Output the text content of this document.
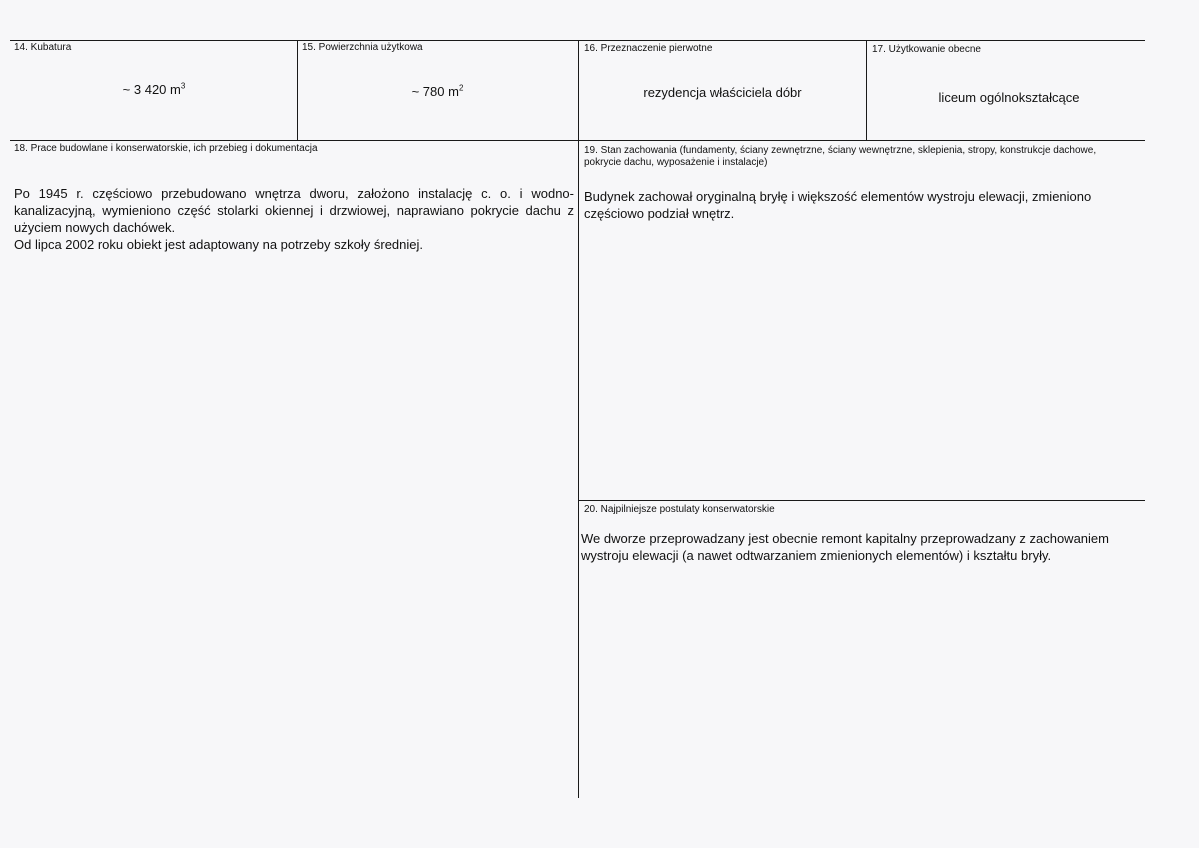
14. Kubatura
~ 3 420 $m^3$
15. Powierzchnia użytkowa
~ 780 $m^2$
16. Przeznaczenie pierwotne
rezydencja właściciela dóbr
17. Użytkowanie obecne
liceum ogólnokształcące
18. Prace budowlane i konserwatorskie, ich przebieg i dokumentacja
Po 1945 r. częściowo przebudowano wnętrza dworu, założono instalację c. o. i wodno-kanalizacyjną, wymieniono część stolarki okiennej i drzwiowej, naprawiano pokrycie dachu z użyciem nowych dachówek.
Od lipca 2002 roku obiekt jest adaptowany na potrzeby szkoły średniej.
19. Stan zachowania (fundamenty, ściany zewnętrzne, ściany wewnętrzne, sklepienia, stropy, konstrukcje dachowe, pokrycie dachu, wyposażenie i instalacje)
Budynek zachował oryginalną bryłę i większość elementów wystroju elewacji, zmieniono częściowo podział wnętrz.
20. Najpilniejsze postulaty konserwatorskie
We dworze przeprowadzany jest obecnie remont kapitalny przeprowadzany z zachowaniem wystroju elewacji (a nawet odtwarzaniem zmienionych elementów) i kształtu bryły.
